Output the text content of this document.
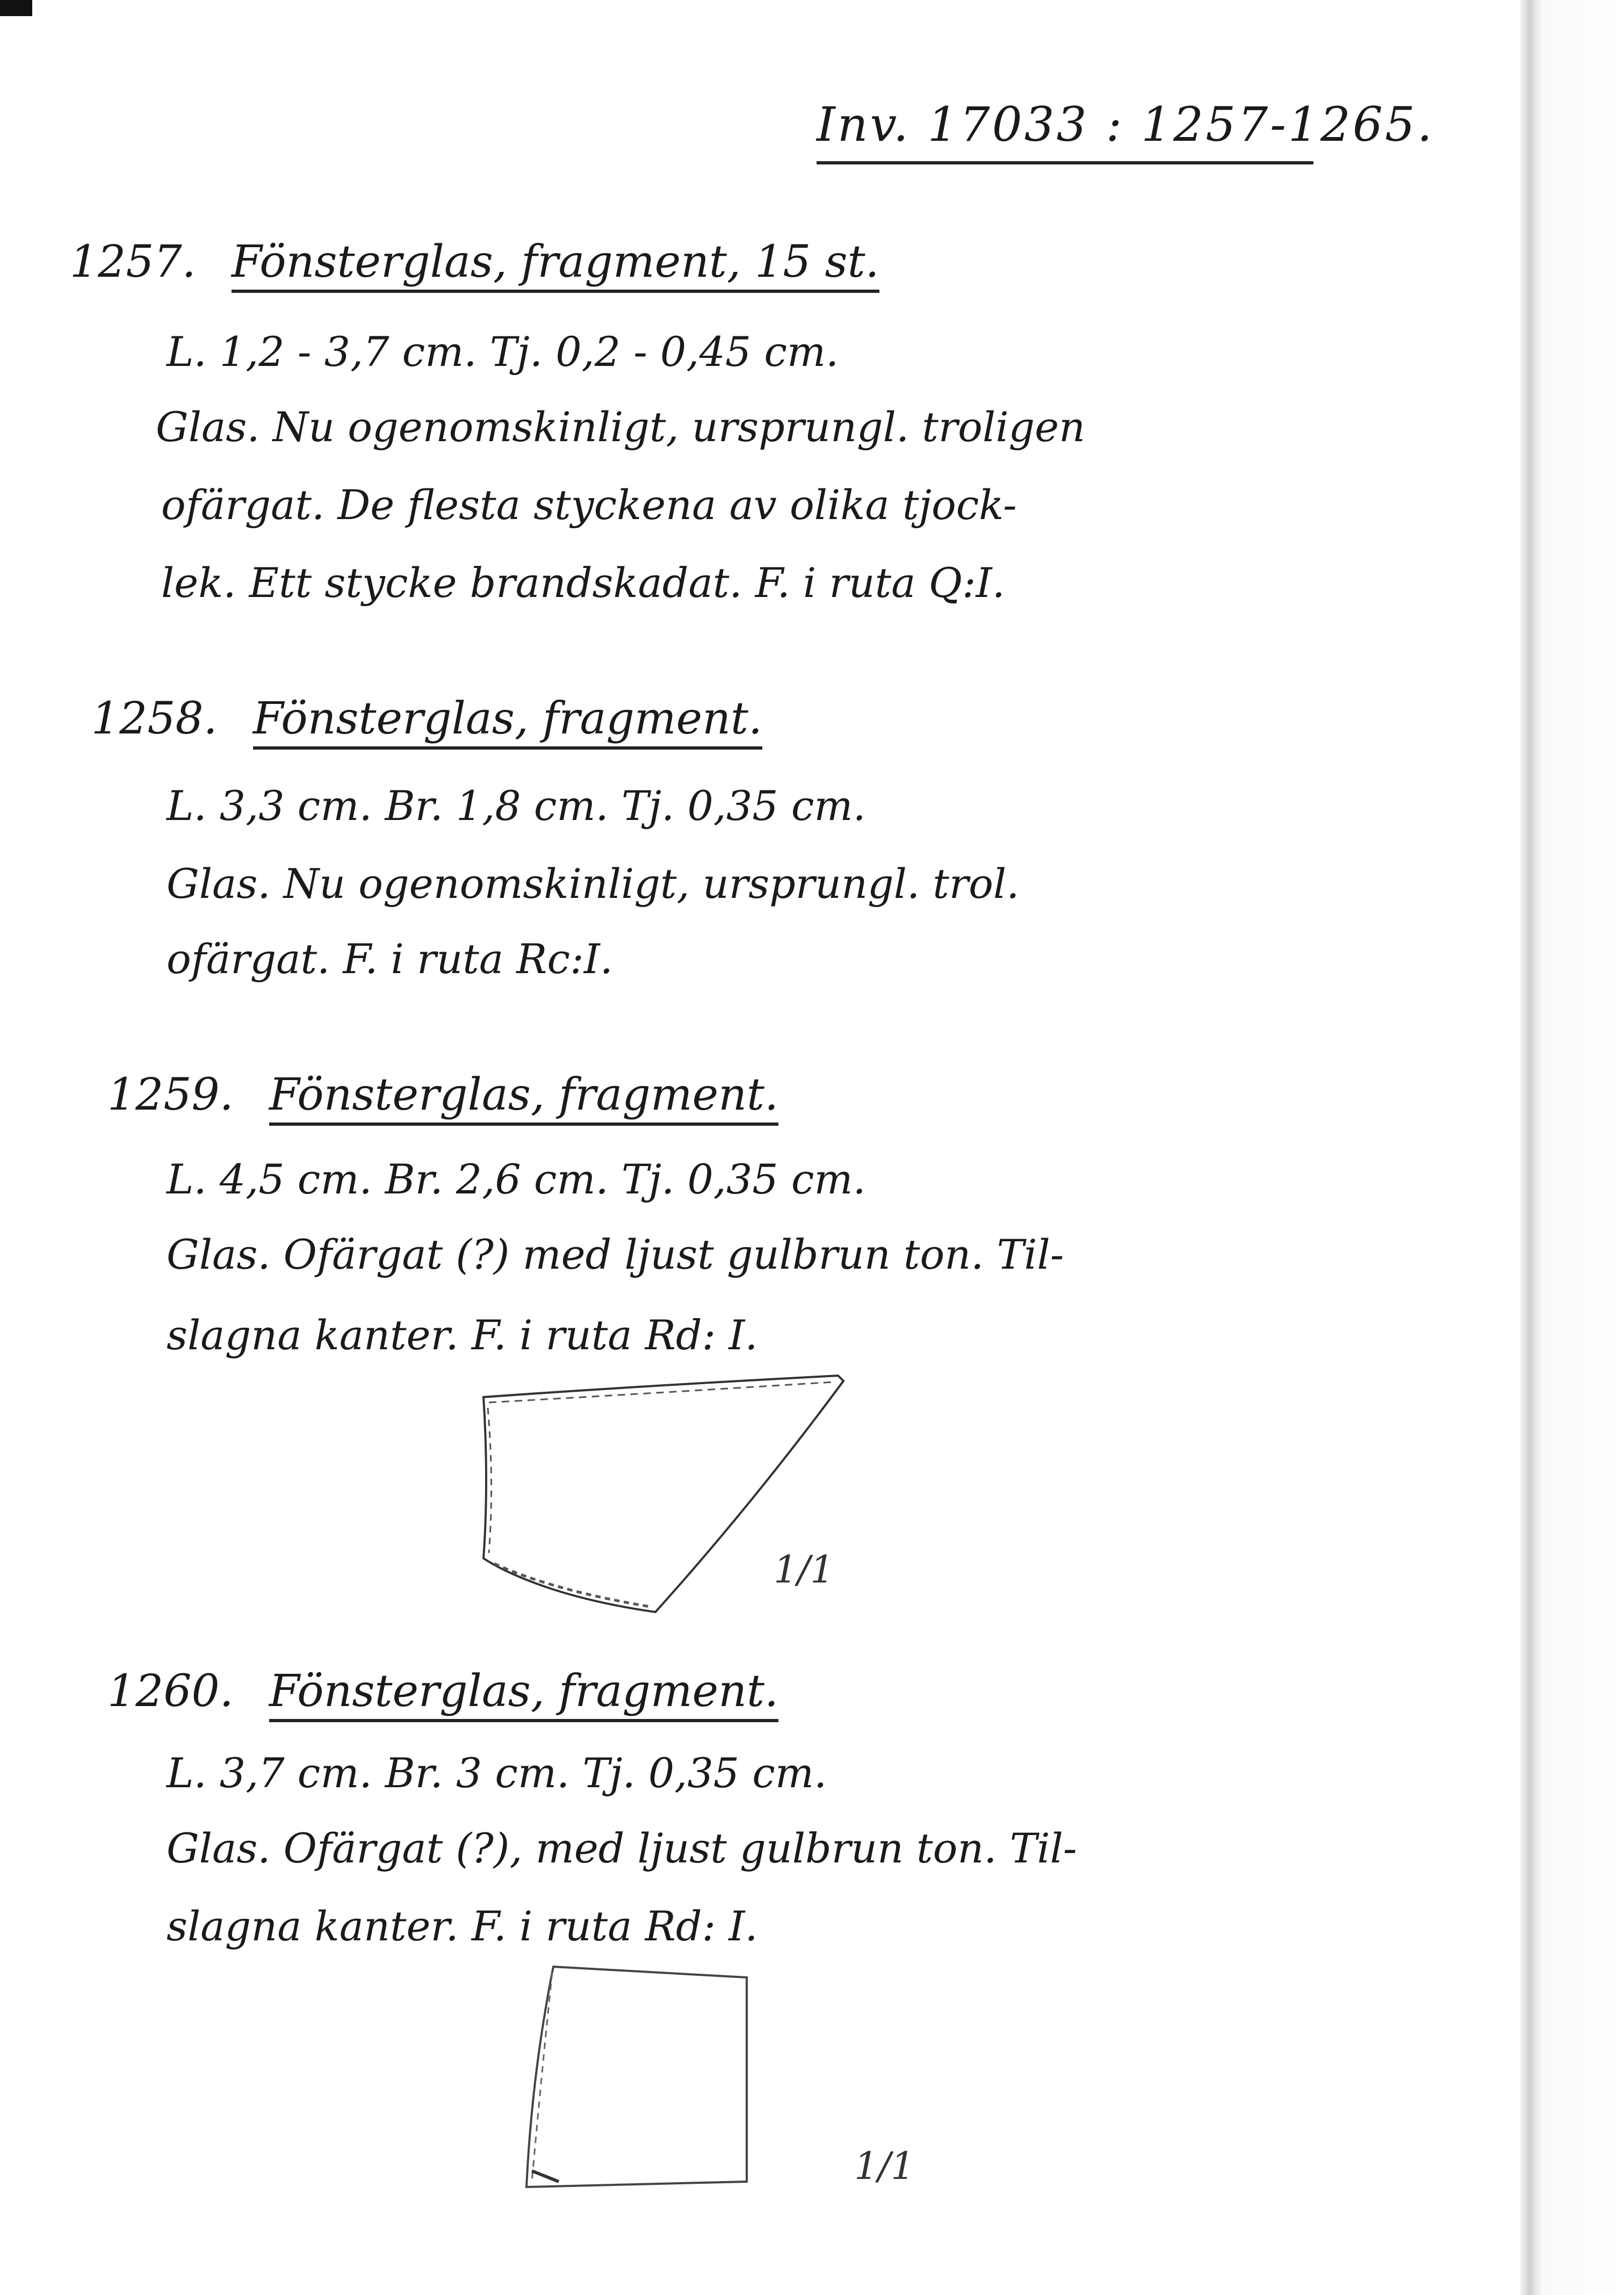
Inv. 17033 : 1257-1265.
1257. Fönsterglas, fragment, 15 st.
L. 1,2 - 3,7 cm. Tj. 0,2 - 0,45 cm.
Glas. Nu ogenomskinligt, ursprungl. troligen
ofärgat. De flesta styckena av olika tjock-
lek. Ett stycke brandskadat. F. i ruta Q:I.
1258. Fönsterglas, fragment.
L. 3,3 cm. Br. 1,8 cm. Tj. 0,35 cm.
Glas. Nu ogenomskinligt, ursprungl. trol.
ofärgat. F. i ruta Rc:I.
1259. Fönsterglas, fragment.
L. 4,5 cm. Br. 2,6 cm. Tj. 0,35 cm.
Glas. Ofärgat (?) med ljust gulbrun ton. Til-
slagna kanter. F. i ruta Rd: I.
1/1
1260. Fönsterglas, fragment.
L. 3,7 cm. Br. 3 cm. Tj. 0,35 cm.
Glas. Ofärgat (?), med ljust gulbrun ton. Til-
slagna kanter. F. i ruta Rd: I.
1/1
